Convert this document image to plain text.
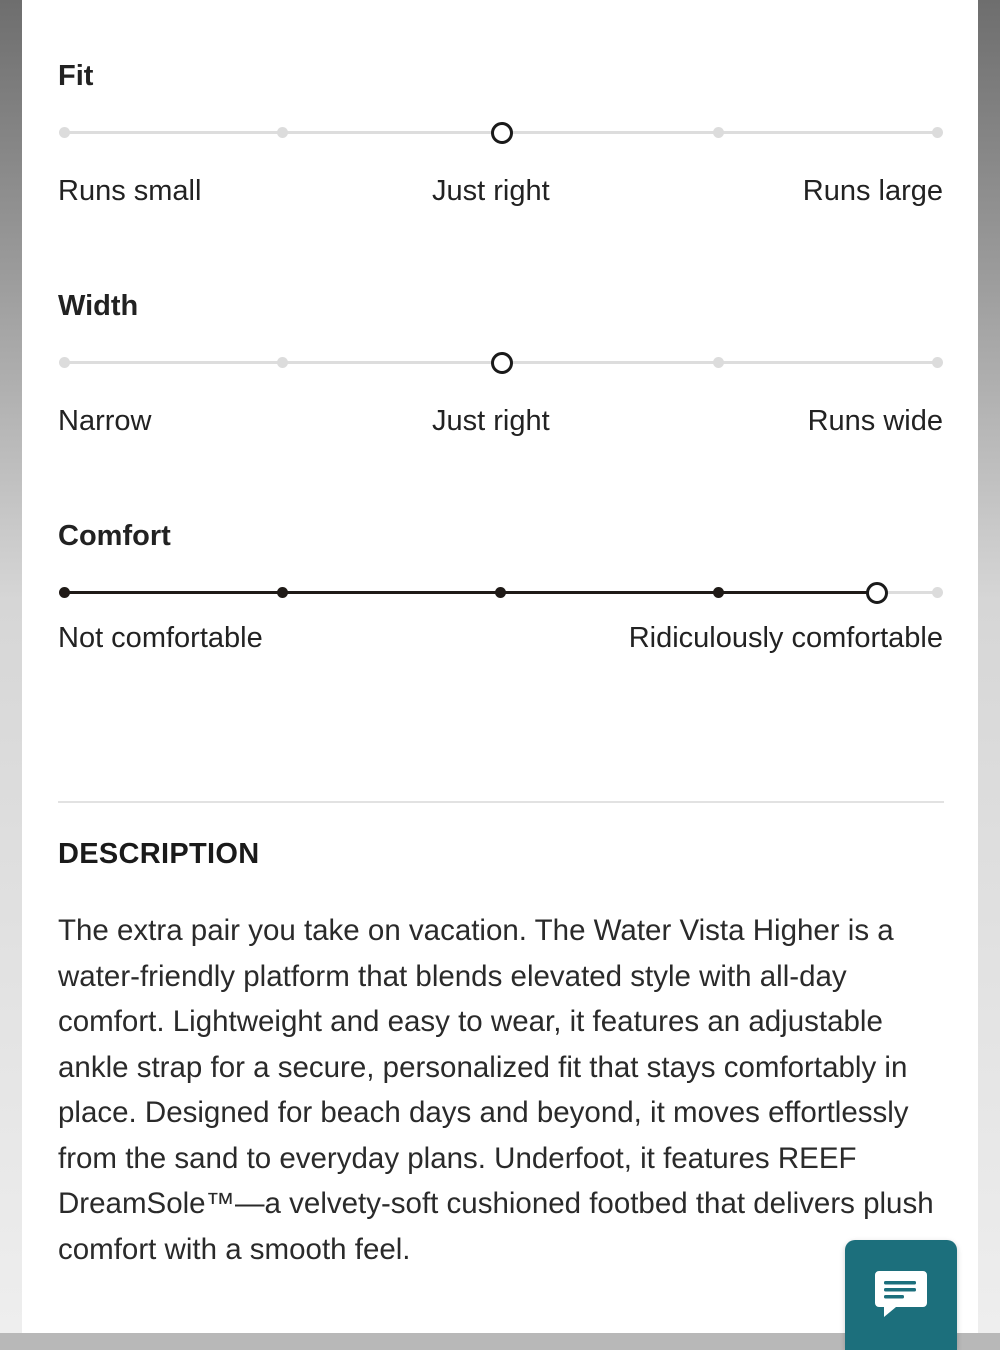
Fit
Runs small	Just right	Runs large
Width
Narrow	Just right	Runs wide
Comfort
Not comfortable	Ridiculously comfortable
DESCRIPTION

The extra pair you take on vacation. The Water Vista Higher is a water-friendly platform that blends elevated style with all-day comfort. Lightweight and easy to wear, it features an adjustable ankle strap for a secure, personalized fit that stays comfortably in place. Designed for beach days and beyond, it moves effortlessly from the sand to everyday plans. Underfoot, it features REEF DreamSole™—a velvety-soft cushioned footbed that delivers plush comfort with a smooth feel.
